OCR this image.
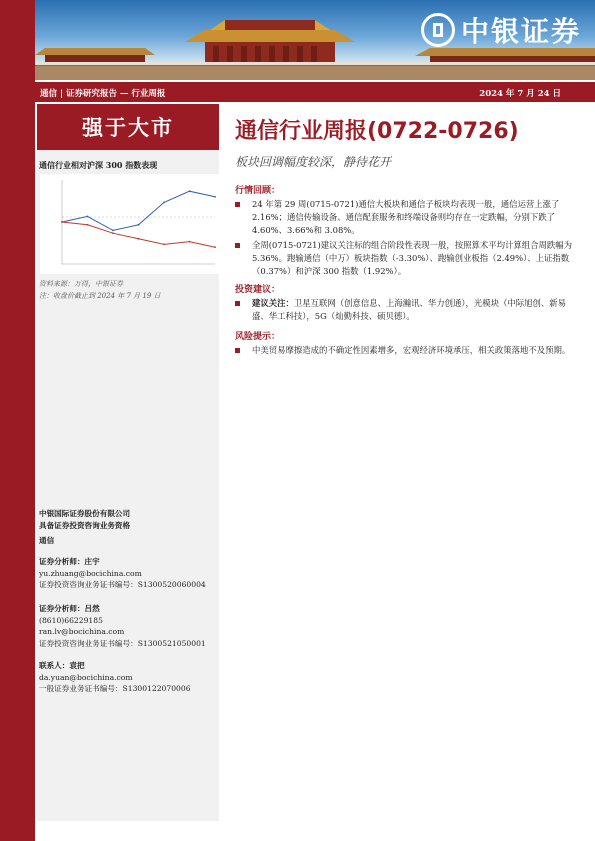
中银证券
通信 | 证券研究报告 — 行业周报	2024 年 7 月 24 日
强于大市
通信行业相对沪深 300 指数表现
资料来源：万得，中银证券
注：收盘价截止到 2024 年 7 月 19 日
中银国际证券股份有限公司
具备证券投资咨询业务资格
通信
证券分析师：庄宇
yu.zhuang@bocichina.com
证券投资咨询业务证书编号：S1300520060004
证券分析师：吕然
(8610)66229185
ran.lv@bocichina.com
证券投资咨询业务证书编号：S1300521050001
联系人：袁把
da.yuan@bocichina.com
一般证券业务证书编号：S1300122070006
通信行业周报(0722-0726)
板块回调幅度较深，静待花开
行情回顾：
24 年第 29 周(0715-0721)通信大板块和通信子板块均表现一般，通信运营上涨了 2.16%；通信传输设备、通信配套服务和终端设备则均存在一定跌幅，分别下跌了 4.60%、3.66%和 3.08%。
全周(0715-0721)建议关注标的组合阶段性表现一般，按照算术平均计算组合周跌幅为 5.36%。跑输通信（中万）板块指数（-3.30%）、跑输创业板指（2.49%）、上证指数（0.37%）和沪深 300 指数（1.92%）。
投资建议：
建议关注：卫星互联网（创意信息、上海瀚讯、华力创通），光模块（中际旭创、新易盛、华工科技），5G（灿勤科技、硕贝德）。
风险提示：
中美贸易摩擦造成的不确定性因素增多，宏观经济环境承压，相关政策落地不及预期。
